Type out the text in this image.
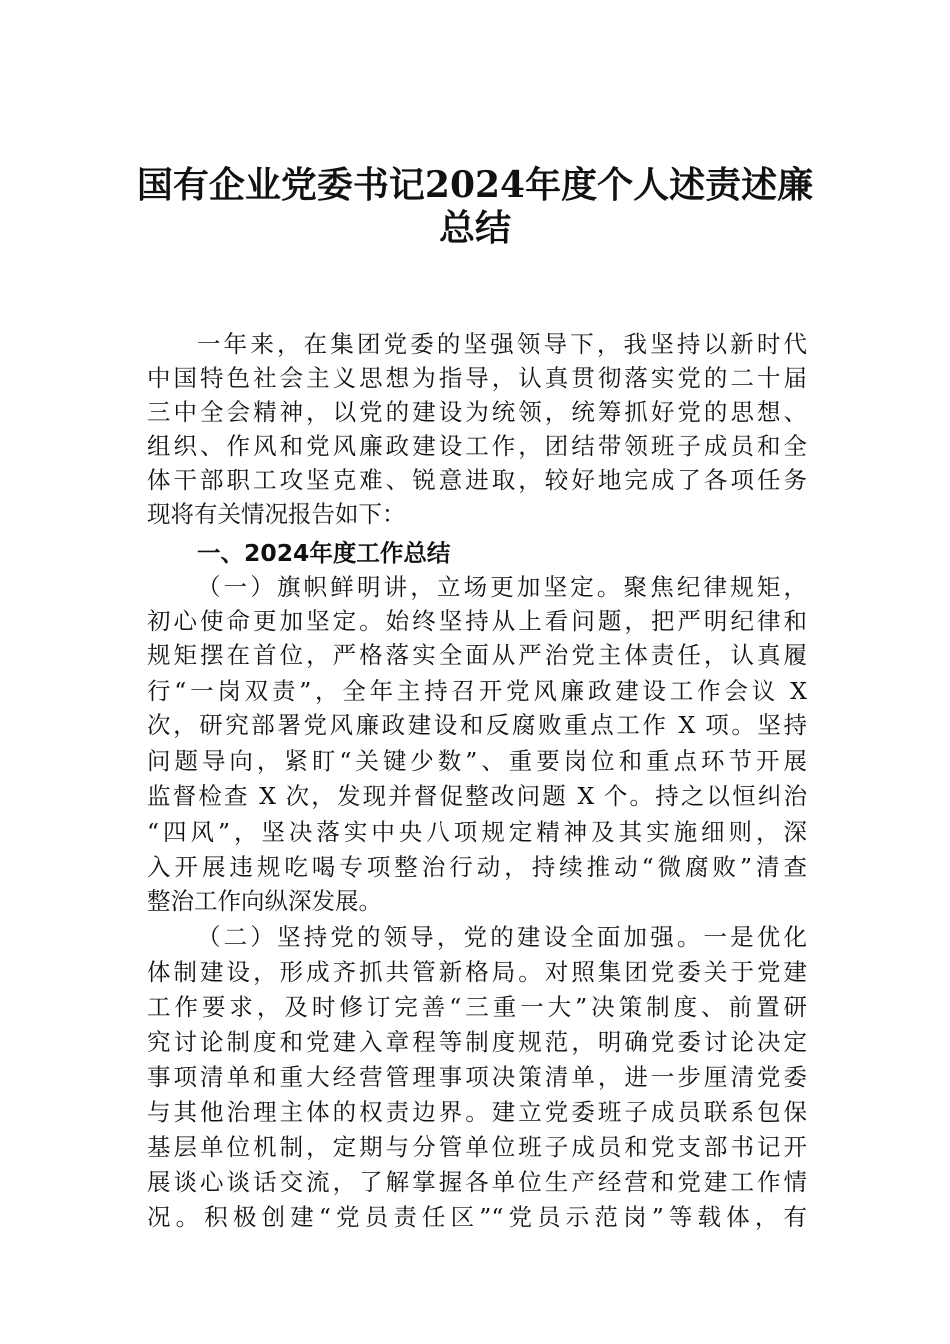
国有企业党委书记2024年度个人述责述廉
总结
一年来，在集团党委的坚强领导下，我坚持以新时代
中国特色社会主义思想为指导，认真贯彻落实党的二十届
三中全会精神，以党的建设为统领，统筹抓好党的思想、
组织、作风和党风廉政建设工作，团结带领班子成员和全
体干部职工攻坚克难、锐意进取，较好地完成了各项任务
现将有关情况报告如下：
一、2024年度工作总结
（一）旗帜鲜明讲，立场更加坚定。聚焦纪律规矩，
初心使命更加坚定。始终坚持从上看问题，把严明纪律和
规矩摆在首位，严格落实全面从严治党主体责任，认真履
行“一岗双责”，全年主持召开党风廉政建设工作会议 X
次，研究部署党风廉政建设和反腐败重点工作 X 项。坚持
问题导向，紧盯“关键少数”、重要岗位和重点环节开展
监督检查 X 次，发现并督促整改问题 X 个。持之以恒纠治
“四风”，坚决落实中央八项规定精神及其实施细则，深
入开展违规吃喝专项整治行动，持续推动“微腐败”清查
整治工作向纵深发展。
（二）坚持党的领导，党的建设全面加强。一是优化
体制建设，形成齐抓共管新格局。对照集团党委关于党建
工作要求，及时修订完善“三重一大”决策制度、前置研
究讨论制度和党建入章程等制度规范，明确党委讨论决定
事项清单和重大经营管理事项决策清单，进一步厘清党委
与其他治理主体的权责边界。建立党委班子成员联系包保
基层单位机制，定期与分管单位班子成员和党支部书记开
展谈心谈话交流，了解掌握各单位生产经营和党建工作情
况。积极创建“党员责任区”“党员示范岗”等载体，有
